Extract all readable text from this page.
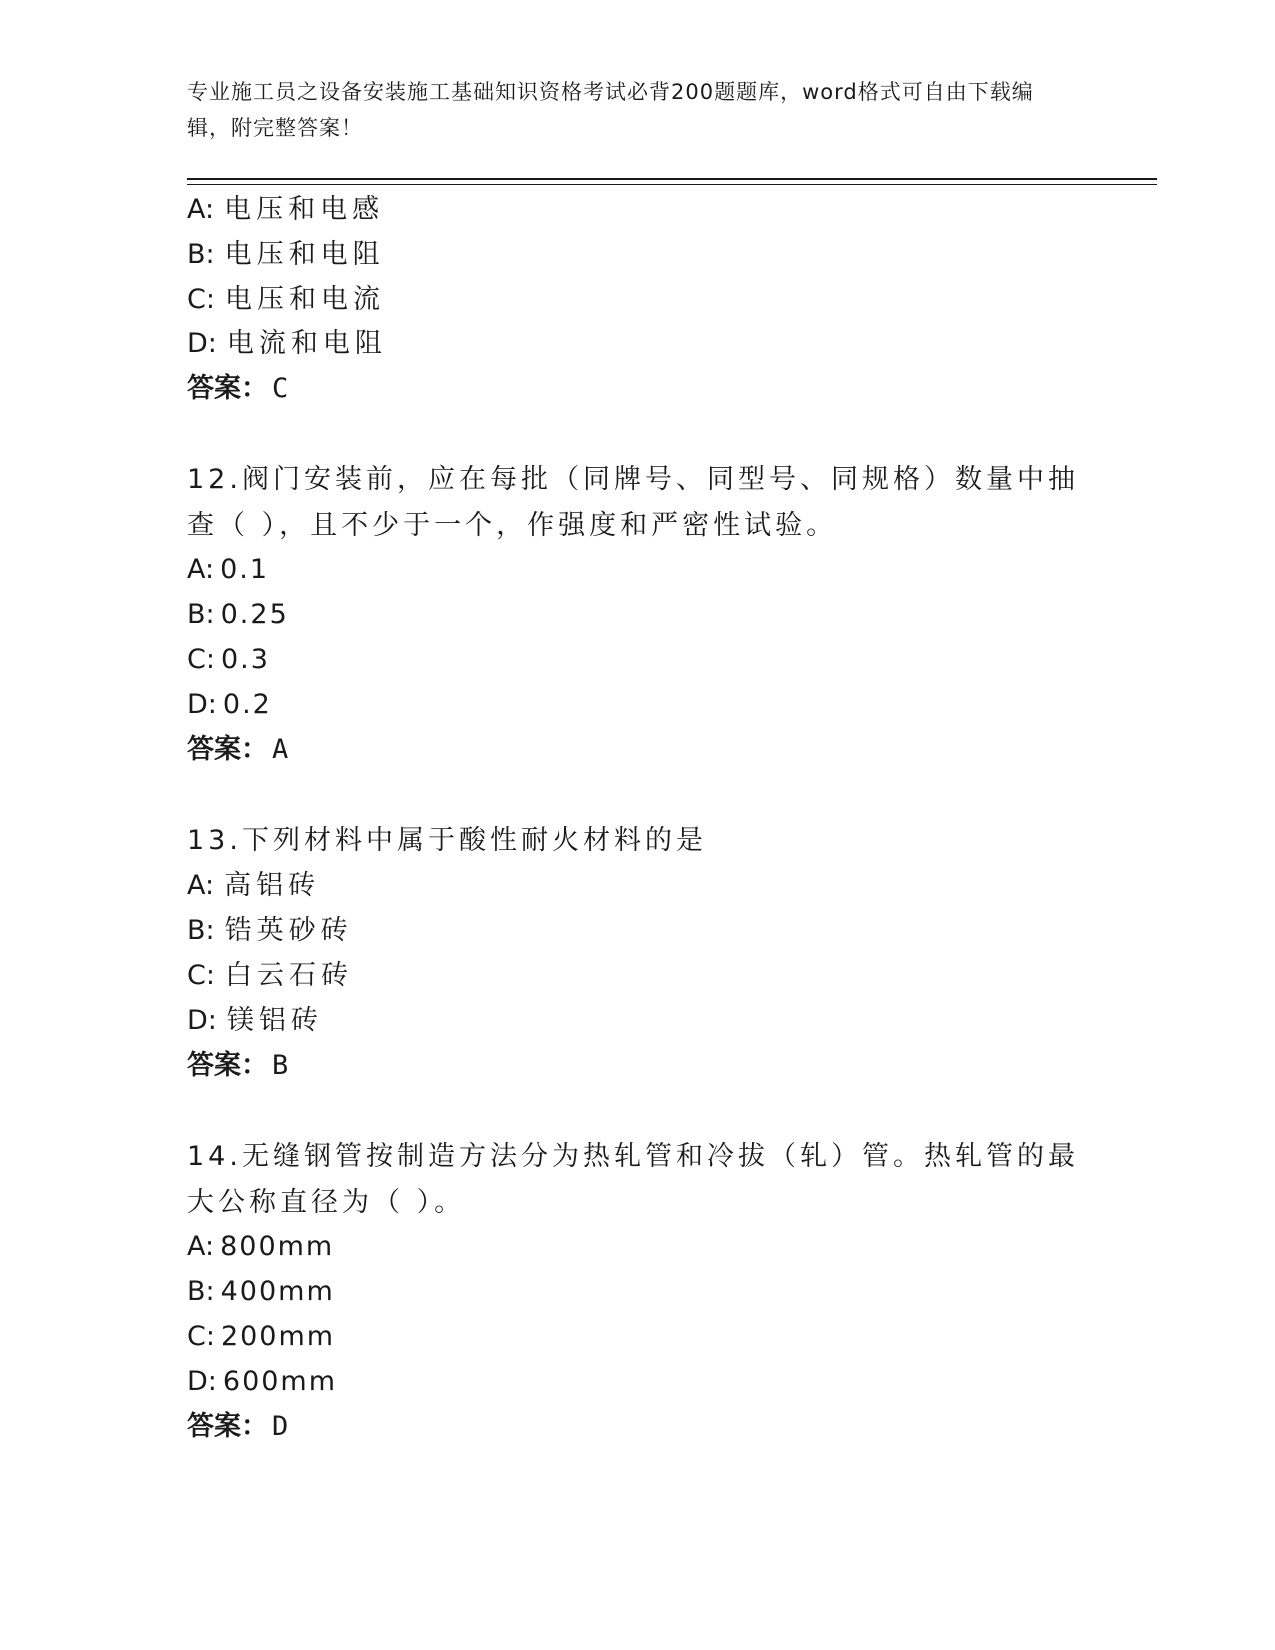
专业施工员之设备安装施工基础知识资格考试必背200题题库，word格式可自由下载编辑，附完整答案！
A: 电压和电感
B: 电压和电阻
C: 电压和电流
D: 电流和电阻
答案： C
12.阀门安装前，应在每批（同牌号、同型号、同规格）数量中抽查（ ），且不少于一个，作强度和严密性试验。
A: 0.1
B: 0.25
C: 0.3
D: 0.2
答案： A
13.下列材料中属于酸性耐火材料的是
A: 高铝砖
B: 锆英砂砖
C: 白云石砖
D: 镁铝砖
答案： B
14.无缝钢管按制造方法分为热轧管和冷拔（轧）管。热轧管的最大公称直径为（ ）。
A: 800mm
B: 400mm
C: 200mm
D: 600mm
答案： D
